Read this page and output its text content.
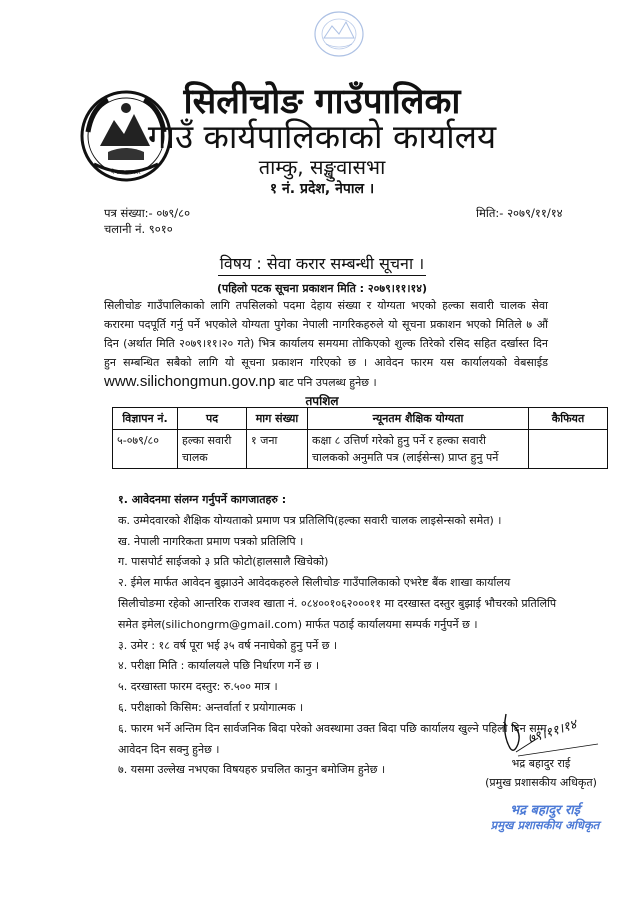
नेपाल सरकार
सिलीचोङ गाउँपालिका
गाउँ कार्यपालिकाको कार्यालय
ताम्कु, सङ्खुवासभा
१ नं. प्रदेश, नेपाल ।
पत्र संख्या:- ०७९/८०
चलानी नं. ९०१०
मिति:- २०७९/११/१४
विषय : सेवा करार सम्बन्धी सूचना ।
(पहिलो पटक सूचना प्रकाशन मिति : २०७९।११।१४)
सिलीचोङ गाउँपालिकाको लागि तपसिलको पदमा देहाय संख्या र योग्यता भएको हल्का सवारी चालक सेवा करारमा पदपूर्ति गर्नु पर्ने भएकोले योग्यता पुगेका नेपाली नागरिकहरुले यो सूचना प्रकाशन भएको मितिले ७ औं दिन (अर्थात मिति २०७९।११।२० गते) भित्र कार्यालय समयमा तोकिएको शुल्क तिरेको रसिद सहित दर्खास्त दिन हुन सम्बन्धित सबैको लागि यो सूचना प्रकाशन गरिएको छ । आवेदन फारम यस कार्यालयको वेबसाईड www.silichongmun.gov.np बाट पनि उपलब्ध हुनेछ ।
तपशिल
विज्ञापन नं.	पद	माग संख्या	न्यूनतम शैक्षिक योग्यता	कैफियत
५-०७९/८०	हल्का सवारी चालक	१ जना	कक्षा ८ उत्तिर्ण गरेको हुनु पर्ने र हल्का सवारी चालकको अनुमति पत्र (लाईसेन्स) प्राप्त हुनु पर्ने	
१. आवेदनमा संलग्न गर्नुपर्ने कागजातहरु :
क. उम्मेदवारको शैक्षिक योग्यताको प्रमाण पत्र प्रतिलिपि(हल्का सवारी चालक लाइसेन्सको समेत) ।
ख. नेपाली नागरिकता प्रमाण पत्रको प्रतिलिपि ।
ग. पासपोर्ट साईजको ३ प्रति फोटो(हालसालै खिचेको)
२. ईमेल मार्फत आवेदन बुझाउने आवेदकहरुले सिलीचोङ गाउँपालिकाको एभरेष्ट बैंक शाखा कार्यालय सिलीचोङमा रहेको आन्तरिक राजश्व खाता नं. ०८४००१०६२०००११ मा दरखास्त दस्तुर बुझाई भौचरको प्रतिलिपि समेत इमेल(silichongrm@gmail.com) मार्फत पठाई कार्यालयमा सम्पर्क गर्नुपर्ने छ ।
३. उमेर : १८ वर्ष पूरा भई ३५ वर्ष ननाघेको हुनु पर्ने छ ।
४. परीक्षा मिति : कार्यालयले पछि निर्धारण गर्ने छ ।
५. दरखास्ता फारम दस्तुर: रु.५०० मात्र ।
६. परीक्षाको किसिम: अन्तर्वार्ता र प्रयोगात्मक ।
६. फारम भर्ने अन्तिम दिन सार्वजनिक बिदा परेको अवस्थामा उक्त बिदा पछि कार्यालय खुल्ने पहिलो दिन सम्म आवेदन दिन सक्नु हुनेछ ।
७. यसमा उल्लेख नभएका विषयहरु प्रचलित कानुन बमोजिम हुनेछ ।
७९।११।१४
भद्र बहादुर राई
(प्रमुख प्रशासकीय अधिकृत)
भद्र बहादुर राई
प्रमुख प्रशासकीय अधिकृत
